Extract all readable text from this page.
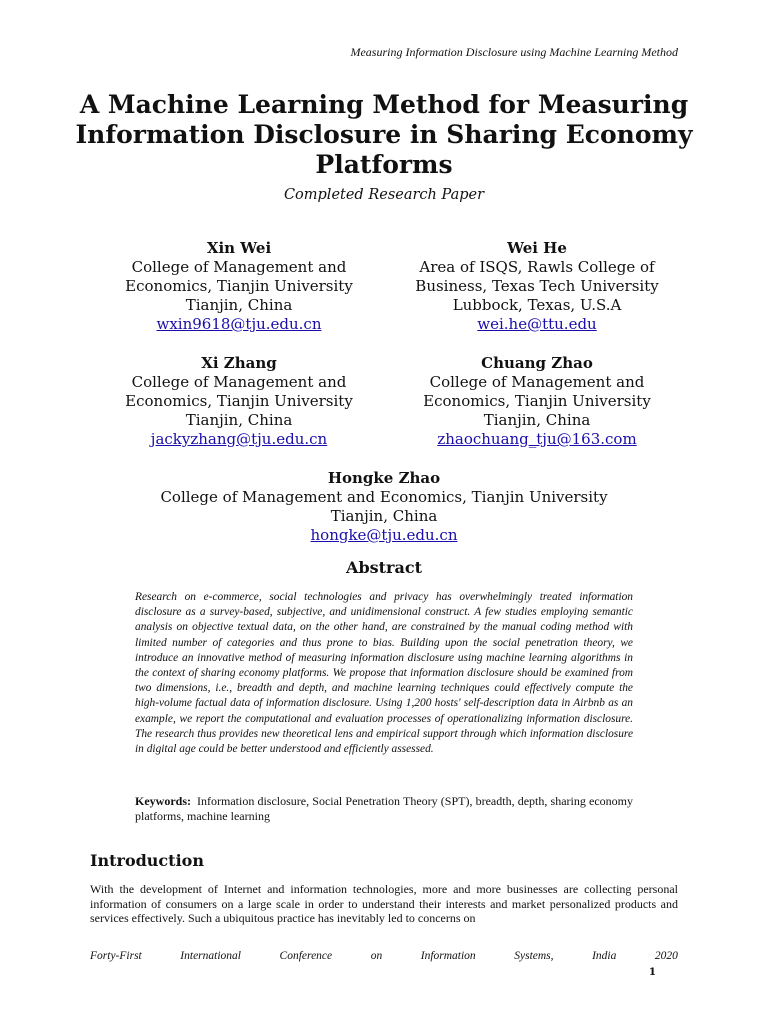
Measuring Information Disclosure using Machine Learning Method
A Machine Learning Method for Measuring Information Disclosure in Sharing Economy Platforms
Completed Research Paper
Xin Wei
College of Management and
Economics, Tianjin University
Tianjin, China
wxin9618@tju.edu.cn
Wei He
Area of ISQS, Rawls College of
Business, Texas Tech University
Lubbock, Texas, U.S.A
wei.he@ttu.edu
Xi Zhang
College of Management and
Economics, Tianjin University
Tianjin, China
jackyzhang@tju.edu.cn
Chuang Zhao
College of Management and
Economics, Tianjin University
Tianjin, China
zhaochuang_tju@163.com
Hongke Zhao
College of Management and Economics, Tianjin University
Tianjin, China
hongke@tju.edu.cn
Abstract

Research on e-commerce, social technologies and privacy has overwhelmingly treated information disclosure as a survey-based, subjective, and unidimensional construct. A few studies employing semantic analysis on objective textual data, on the other hand, are constrained by the manual coding method with limited number of categories and thus prone to bias. Building upon the social penetration theory, we introduce an innovative method of measuring information disclosure using machine learning algorithms in the context of sharing economy platforms. We propose that information disclosure should be examined from two dimensions, i.e., breadth and depth, and machine learning techniques could effectively compute the high-volume factual data of information disclosure. Using 1,200 hosts' self-description data in Airbnb as an example, we report the computational and evaluation processes of operationalizing information disclosure. The research thus provides new theoretical lens and empirical support through which information disclosure in digital age could be better understood and efficiently assessed.

Keywords: Information disclosure, Social Penetration Theory (SPT), breadth, depth, sharing economy platforms, machine learning

Introduction

With the development of Internet and information technologies, more and more businesses are collecting personal information of consumers on a large scale in order to understand their interests and market personalized products and services effectively. Such a ubiquitous practice has inevitably led to concerns on

Forty-First	International	Conference	on	Information	Systems,	India	2020
1
